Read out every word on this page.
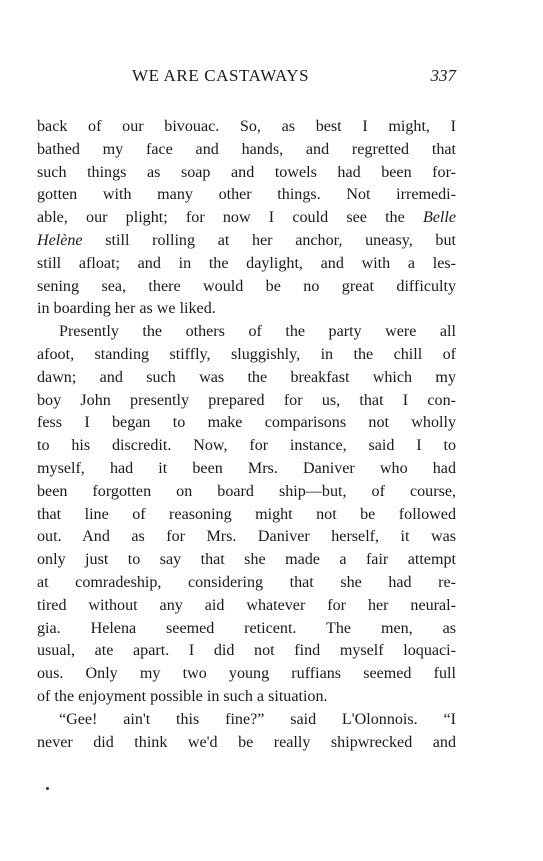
WE ARE CASTAWAYS	337
back of our bivouac. So, as best I might, I
bathed my face and hands, and regretted that
such things as soap and towels had been for-
gotten with many other things. Not irremedi-
able, our plight; for now I could see the Belle
Helène still rolling at her anchor, uneasy, but
still afloat; and in the daylight, and with a les-
sening sea, there would be no great difficulty
in boarding her as we liked.
Presently the others of the party were all
afoot, standing stiffly, sluggishly, in the chill of
dawn; and such was the breakfast which my
boy John presently prepared for us, that I con-
fess I began to make comparisons not wholly
to his discredit. Now, for instance, said I to
myself, had it been Mrs. Daniver who had
been forgotten on board ship—but, of course,
that line of reasoning might not be followed
out. And as for Mrs. Daniver herself, it was
only just to say that she made a fair attempt
at comradeship, considering that she had re-
tired without any aid whatever for her neural-
gia. Helena seemed reticent. The men, as
usual, ate apart. I did not find myself loquaci-
ous. Only my two young ruffians seemed full
of the enjoyment possible in such a situation.
“Gee! ain't this fine?” said L'Olonnois. “I
never did think we'd be really shipwrecked and
